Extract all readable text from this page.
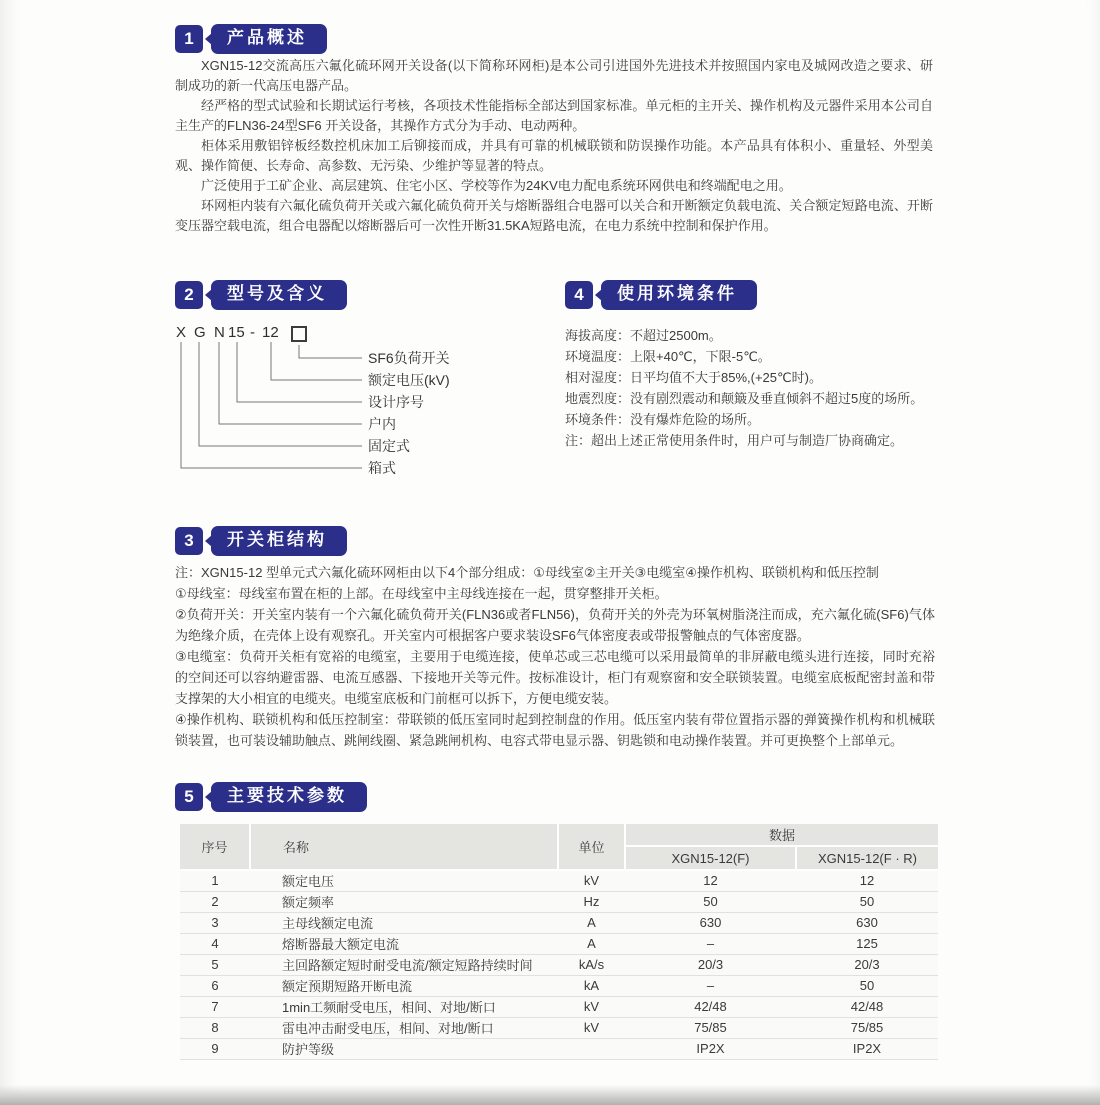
1	产品概述

XGN15-12交流高压六氟化硫环网开关设备(以下简称环网柜)是本公司引进国外先进技术并按照国内家电及城网改造之要求、研制成功的新一代高压电器产品。

经严格的型式试验和长期试运行考核，各项技术性能指标全部达到国家标准。单元柜的主开关、操作机构及元器件采用本公司自主生产的FLN36-24型SF6 开关设备，其操作方式分为手动、电动两种。

柜体采用敷铝锌板经数控机床加工后铆接而成，并具有可靠的机械联锁和防误操作功能。本产品具有体积小、重量轻、外型美观、操作简便、长寿命、高参数、无污染、少维护等显著的特点。

广泛使用于工矿企业、高层建筑、住宅小区、学校等作为24KV电力配电系统环网供电和终端配电之用。

环网柜内装有六氟化硫负荷开关或六氟化硫负荷开关与熔断器组合电器可以关合和开断额定负载电流、关合额定短路电流、开断变压器空载电流，组合电器配以熔断器后可一次性开断31.5KA短路电流，在电力系统中控制和保护作用。

2	型号及含义
X G N 15 - 12
SF6负荷开关
额定电压(kV)
设计序号
户内
固定式
箱式
4	使用环境条件
海拔高度：不超过2500m。
环境温度：上限+40℃，下限-5℃。
相对湿度：日平均值不大于85%,(+25℃时)。
地震烈度：没有剧烈震动和颠簸及垂直倾斜不超过5度的场所。
环境条件：没有爆炸危险的场所。
注：超出上述正常使用条件时，用户可与制造厂协商确定。
3	开关柜结构

注：XGN15-12 型单元式六氟化硫环网柜由以下4个部分组成：①母线室②主开关③电缆室④操作机构、联锁机构和低压控制

①母线室：母线室布置在柜的上部。在母线室中主母线连接在一起，贯穿整排开关柜。

②负荷开关：开关室内装有一个六氟化硫负荷开关(FLN36或者FLN56)，负荷开关的外壳为环氧树脂浇注而成，充六氟化硫(SF6)气体为绝缘介质，在壳体上设有观察孔。开关室内可根据客户要求装设SF6气体密度表或带报警触点的气体密度器。

③电缆室：负荷开关柜有宽裕的电缆室，主要用于电缆连接，使单芯或三芯电缆可以采用最简单的非屏蔽电缆头进行连接，同时充裕的空间还可以容纳避雷器、电流互感器、下接地开关等元件。按标准设计，柜门有观察窗和安全联锁装置。电缆室底板配密封盖和带支撑架的大小相宜的电缆夹。电缆室底板和门前框可以拆下，方便电缆安装。

④操作机构、联锁机构和低压控制室：带联锁的低压室同时起到控制盘的作用。低压室内装有带位置指示器的弹簧操作机构和机械联锁装置，也可装设辅助触点、跳闸线圈、紧急跳闸机构、电容式带电显示器、钥匙锁和电动操作装置。并可更换整个上部单元。

5	主要技术参数
序号	名称	单位	数据	
			XGN15-12(F)	XGN15-12(F · R)
1	额定电压	kV	12	12
2	额定频率	Hz	50	50
3	主母线额定电流	A	630	630
4	熔断器最大额定电流	A	–	125
5	主回路额定短时耐受电流/额定短路持续时间	kA/s	20/3	20/3
6	额定预期短路开断电流	kA	–	50
7	1min工频耐受电压，相间、对地/断口	kV	42/48	42/48
8	雷电冲击耐受电压，相间、对地/断口	kV	75/85	75/85
9	防护等级		IP2X	IP2X
